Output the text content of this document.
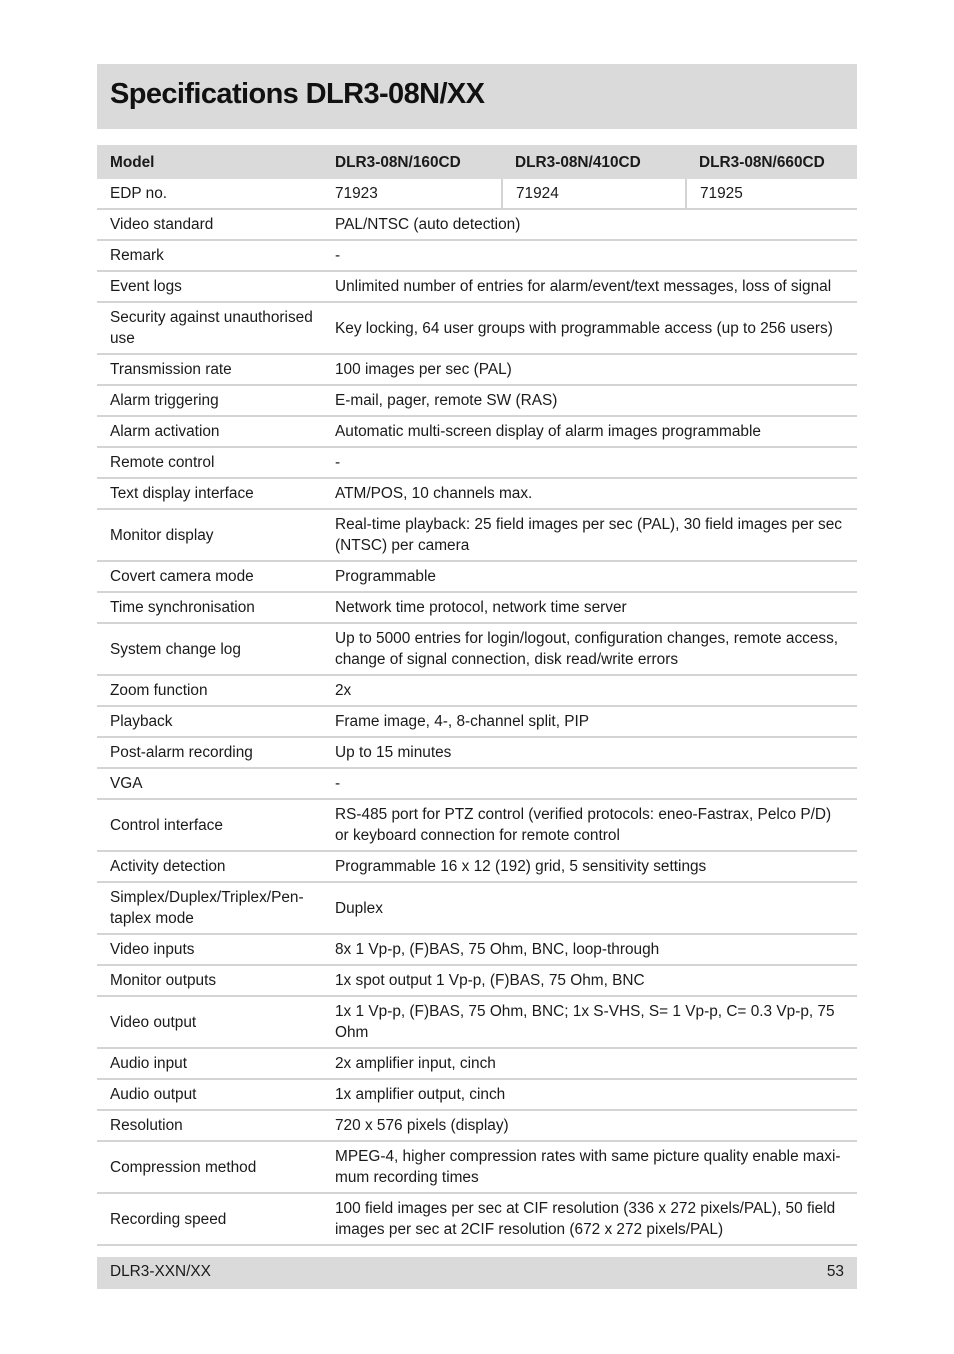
Specifications DLR3-08N/XX
Model	DLR3-08N/160CD	DLR3-08N/410CD	DLR3-08N/660CD
EDP no.	71923	71924	71925
Video standard	PAL/NTSC (auto detection)		
Remark	-		
Event logs	Unlimited number of entries for alarm/event/text messages, loss of signal		
Security against unauthorised use	Key locking, 64 user groups with programmable access (up to 256 users)		
Transmission rate	100 images per sec (PAL)		
Alarm triggering	E-mail, pager, remote SW (RAS)		
Alarm activation	Automatic multi-screen display of alarm images programmable		
Remote control	-		
Text display interface	ATM/POS, 10 channels max.		
Monitor display	Real-time playback: 25 field images per sec (PAL), 30 field images per sec (NTSC) per camera		
Covert camera mode	Programmable		
Time synchronisation	Network time protocol, network time server		
System change log	Up to 5000 entries for login/logout, configuration changes, remote access, change of signal connection, disk read/write errors		
Zoom function	2x		
Playback	Frame image, 4-, 8-channel split, PIP		
Post-alarm recording	Up to 15 minutes		
VGA	-		
Control interface	RS-485 port for PTZ control (verified protocols: eneo-Fastrax, Pelco P/D) or keyboard connection for remote control		
Activity detection	Programmable 16 x 12 (192) grid, 5 sensitivity settings		
Simplex/Duplex/Triplex/Pen-taplex mode	Duplex		
Video inputs	8x 1 Vp-p, (F)BAS, 75 Ohm, BNC, loop-through		
Monitor outputs	1x spot output 1 Vp-p, (F)BAS, 75 Ohm, BNC		
Video output	1x 1 Vp-p, (F)BAS, 75 Ohm, BNC; 1x S-VHS, S= 1 Vp-p, C= 0.3 Vp-p, 75 Ohm		
Audio input	2x amplifier input, cinch		
Audio output	1x amplifier output, cinch		
Resolution	720 x 576 pixels (display)		
Compression method	MPEG-4, higher compression rates with same picture quality enable maxi-mum recording times		
Recording speed	100 field images per sec at CIF resolution (336 x 272 pixels/PAL), 50 field images per sec at 2CIF resolution (672 x 272 pixels/PAL)		
DLR3-XXN/XX	53
